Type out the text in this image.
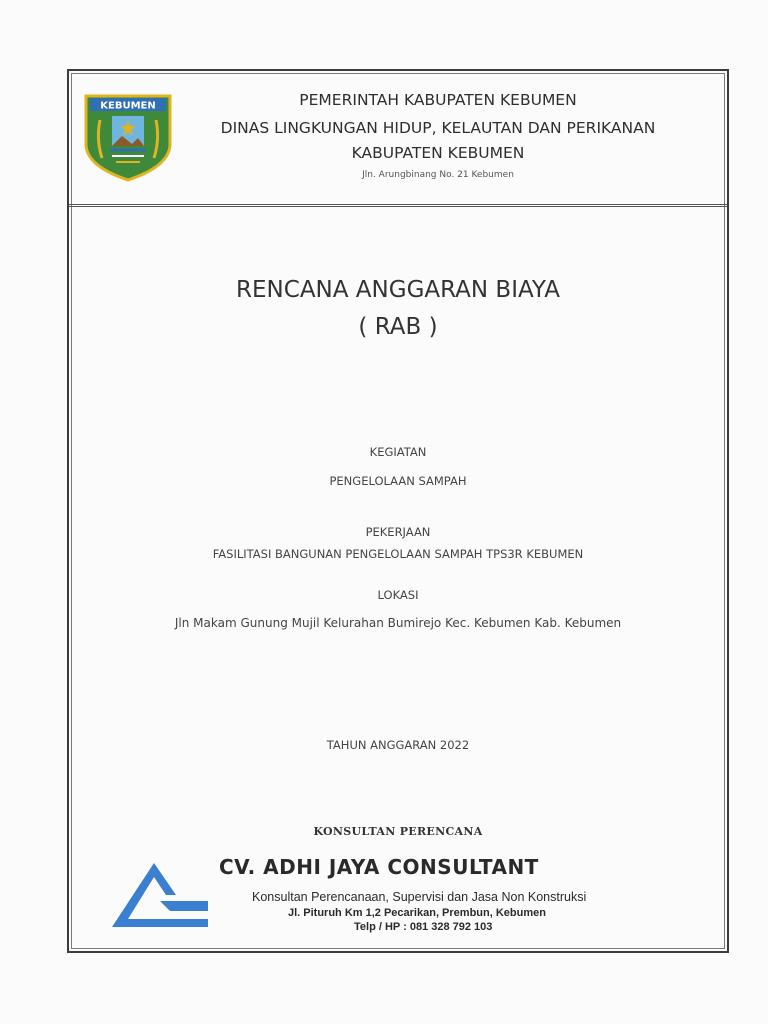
KEBUMEN	PEMERINTAH KABUPATEN KEBUMEN
DINAS LINGKUNGAN HIDUP, KELAUTAN DAN PERIKANAN
KABUPATEN KEBUMEN
Jln. Arungbinang No. 21 Kebumen
RENCANA ANGGARAN BIAYA
( RAB )
KEGIATAN
PENGELOLAAN SAMPAH
PEKERJAAN
FASILITASI BANGUNAN PENGELOLAAN SAMPAH TPS3R KEBUMEN
LOKASI
Jln Makam Gunung Mujil Kelurahan Bumirejo Kec. Kebumen Kab. Kebumen
TAHUN ANGGARAN 2022
KONSULTAN PERENCANA
CV. ADHI JAYA CONSULTANT
Konsultan Perencanaan, Supervisi dan Jasa Non Konstruksi
Jl. Pituruh Km 1,2 Pecarikan, Prembun, Kebumen
Telp / HP : 081 328 792 103
